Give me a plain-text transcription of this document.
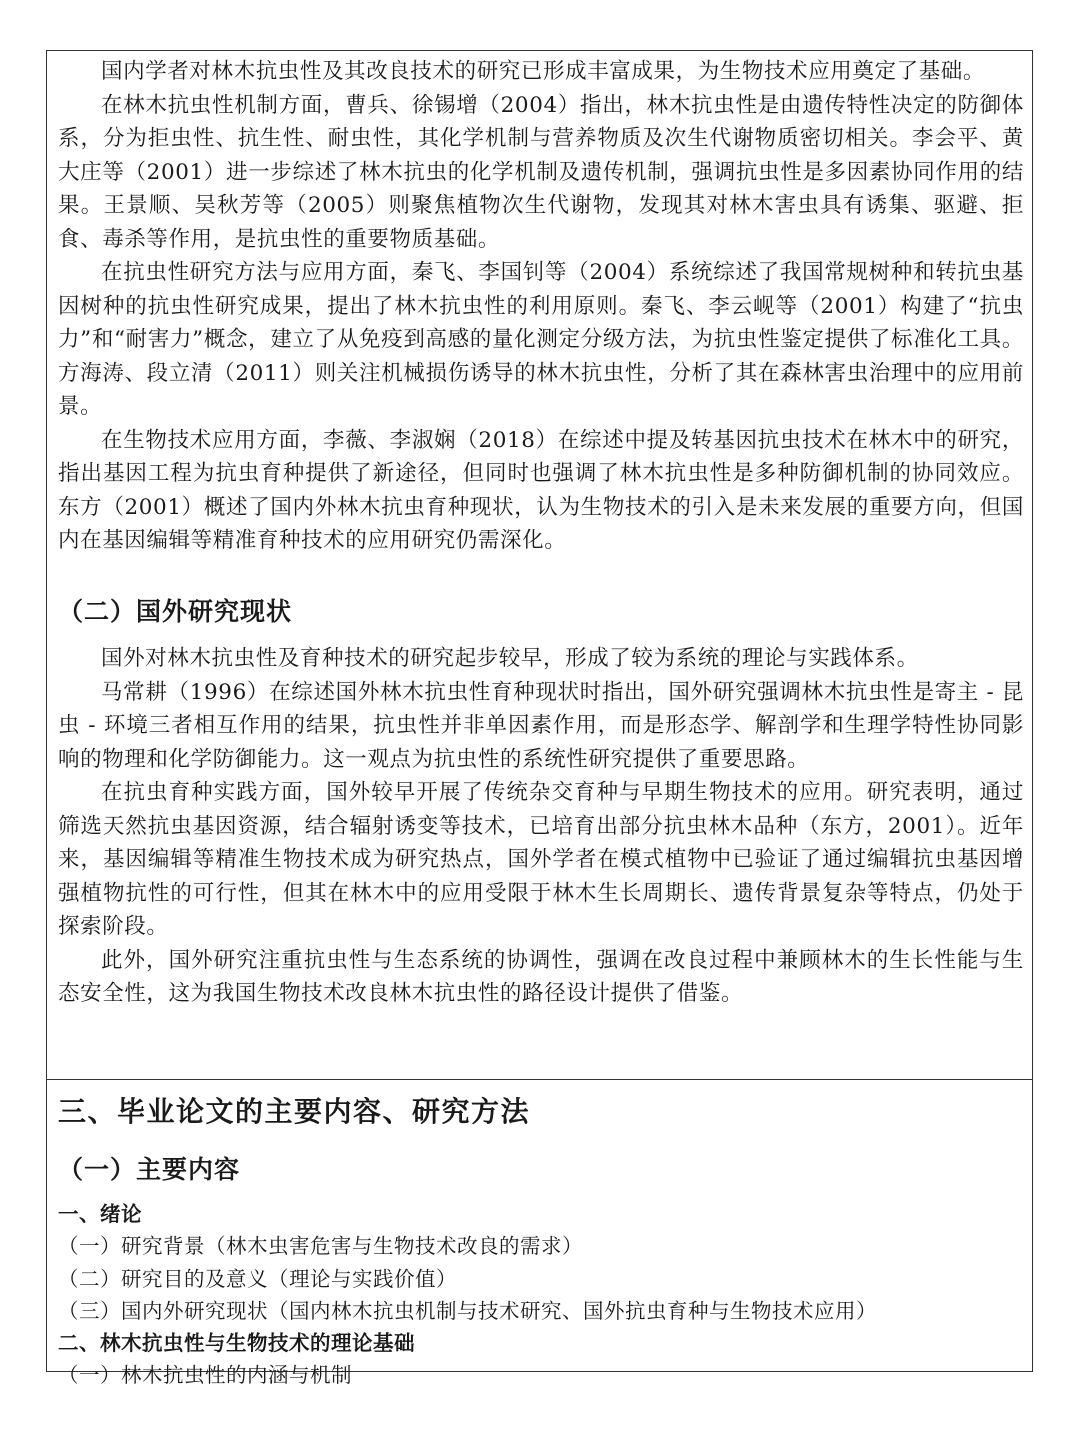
国内学者对林木抗虫性及其改良技术的研究已形成丰富成果，为生物技术应用奠定了基础。

在林木抗虫性机制方面，曹兵、徐锡增（2004）指出，林木抗虫性是由遗传特性决定的防御体系，分为拒虫性、抗生性、耐虫性，其化学机制与营养物质及次生代谢物质密切相关。李会平、黄大庄等（2001）进一步综述了林木抗虫的化学机制及遗传机制，强调抗虫性是多因素协同作用的结果。王景顺、吴秋芳等（2005）则聚焦植物次生代谢物，发现其对林木害虫具有诱集、驱避、拒食、毒杀等作用，是抗虫性的重要物质基础。

在抗虫性研究方法与应用方面，秦飞、李国钊等（2004）系统综述了我国常规树种和转抗虫基因树种的抗虫性研究成果，提出了林木抗虫性的利用原则。秦飞、李云岘等（2001）构建了“抗虫力”和“耐害力”概念，建立了从免疫到高感的量化测定分级方法，为抗虫性鉴定提供了标准化工具。方海涛、段立清（2011）则关注机械损伤诱导的林木抗虫性，分析了其在森林害虫治理中的应用前景。

在生物技术应用方面，李薇、李淑娴（2018）在综述中提及转基因抗虫技术在林木中的研究，指出基因工程为抗虫育种提供了新途径，但同时也强调了林木抗虫性是多种防御机制的协同效应。东方（2001）概述了国内外林木抗虫育种现状，认为生物技术的引入是未来发展的重要方向，但国内在基因编辑等精准育种技术的应用研究仍需深化。

（二）国外研究现状

国外对林木抗虫性及育种技术的研究起步较早，形成了较为系统的理论与实践体系。

马常耕（1996）在综述国外林木抗虫性育种现状时指出，国外研究强调林木抗虫性是寄主 - 昆虫 - 环境三者相互作用的结果，抗虫性并非单因素作用，而是形态学、解剖学和生理学特性协同影响的物理和化学防御能力。这一观点为抗虫性的系统性研究提供了重要思路。

在抗虫育种实践方面，国外较早开展了传统杂交育种与早期生物技术的应用。研究表明，通过筛选天然抗虫基因资源，结合辐射诱变等技术，已培育出部分抗虫林木品种（东方，2001）。近年来，基因编辑等精准生物技术成为研究热点，国外学者在模式植物中已验证了通过编辑抗虫基因增强植物抗性的可行性，但其在林木中的应用受限于林木生长周期长、遗传背景复杂等特点，仍处于探索阶段。

此外，国外研究注重抗虫性与生态系统的协调性，强调在改良过程中兼顾林木的生长性能与生态安全性，这为我国生物技术改良林木抗虫性的路径设计提供了借鉴。

三、毕业论文的主要内容、研究方法

（一）主要内容

一、绪论

（一）研究背景（林木虫害危害与生物技术改良的需求）

（二）研究目的及意义（理论与实践价值）

（三）国内外研究现状（国内林木抗虫机制与技术研究、国外抗虫育种与生物技术应用）

二、林木抗虫性与生物技术的理论基础

（一）林木抗虫性的内涵与机制
